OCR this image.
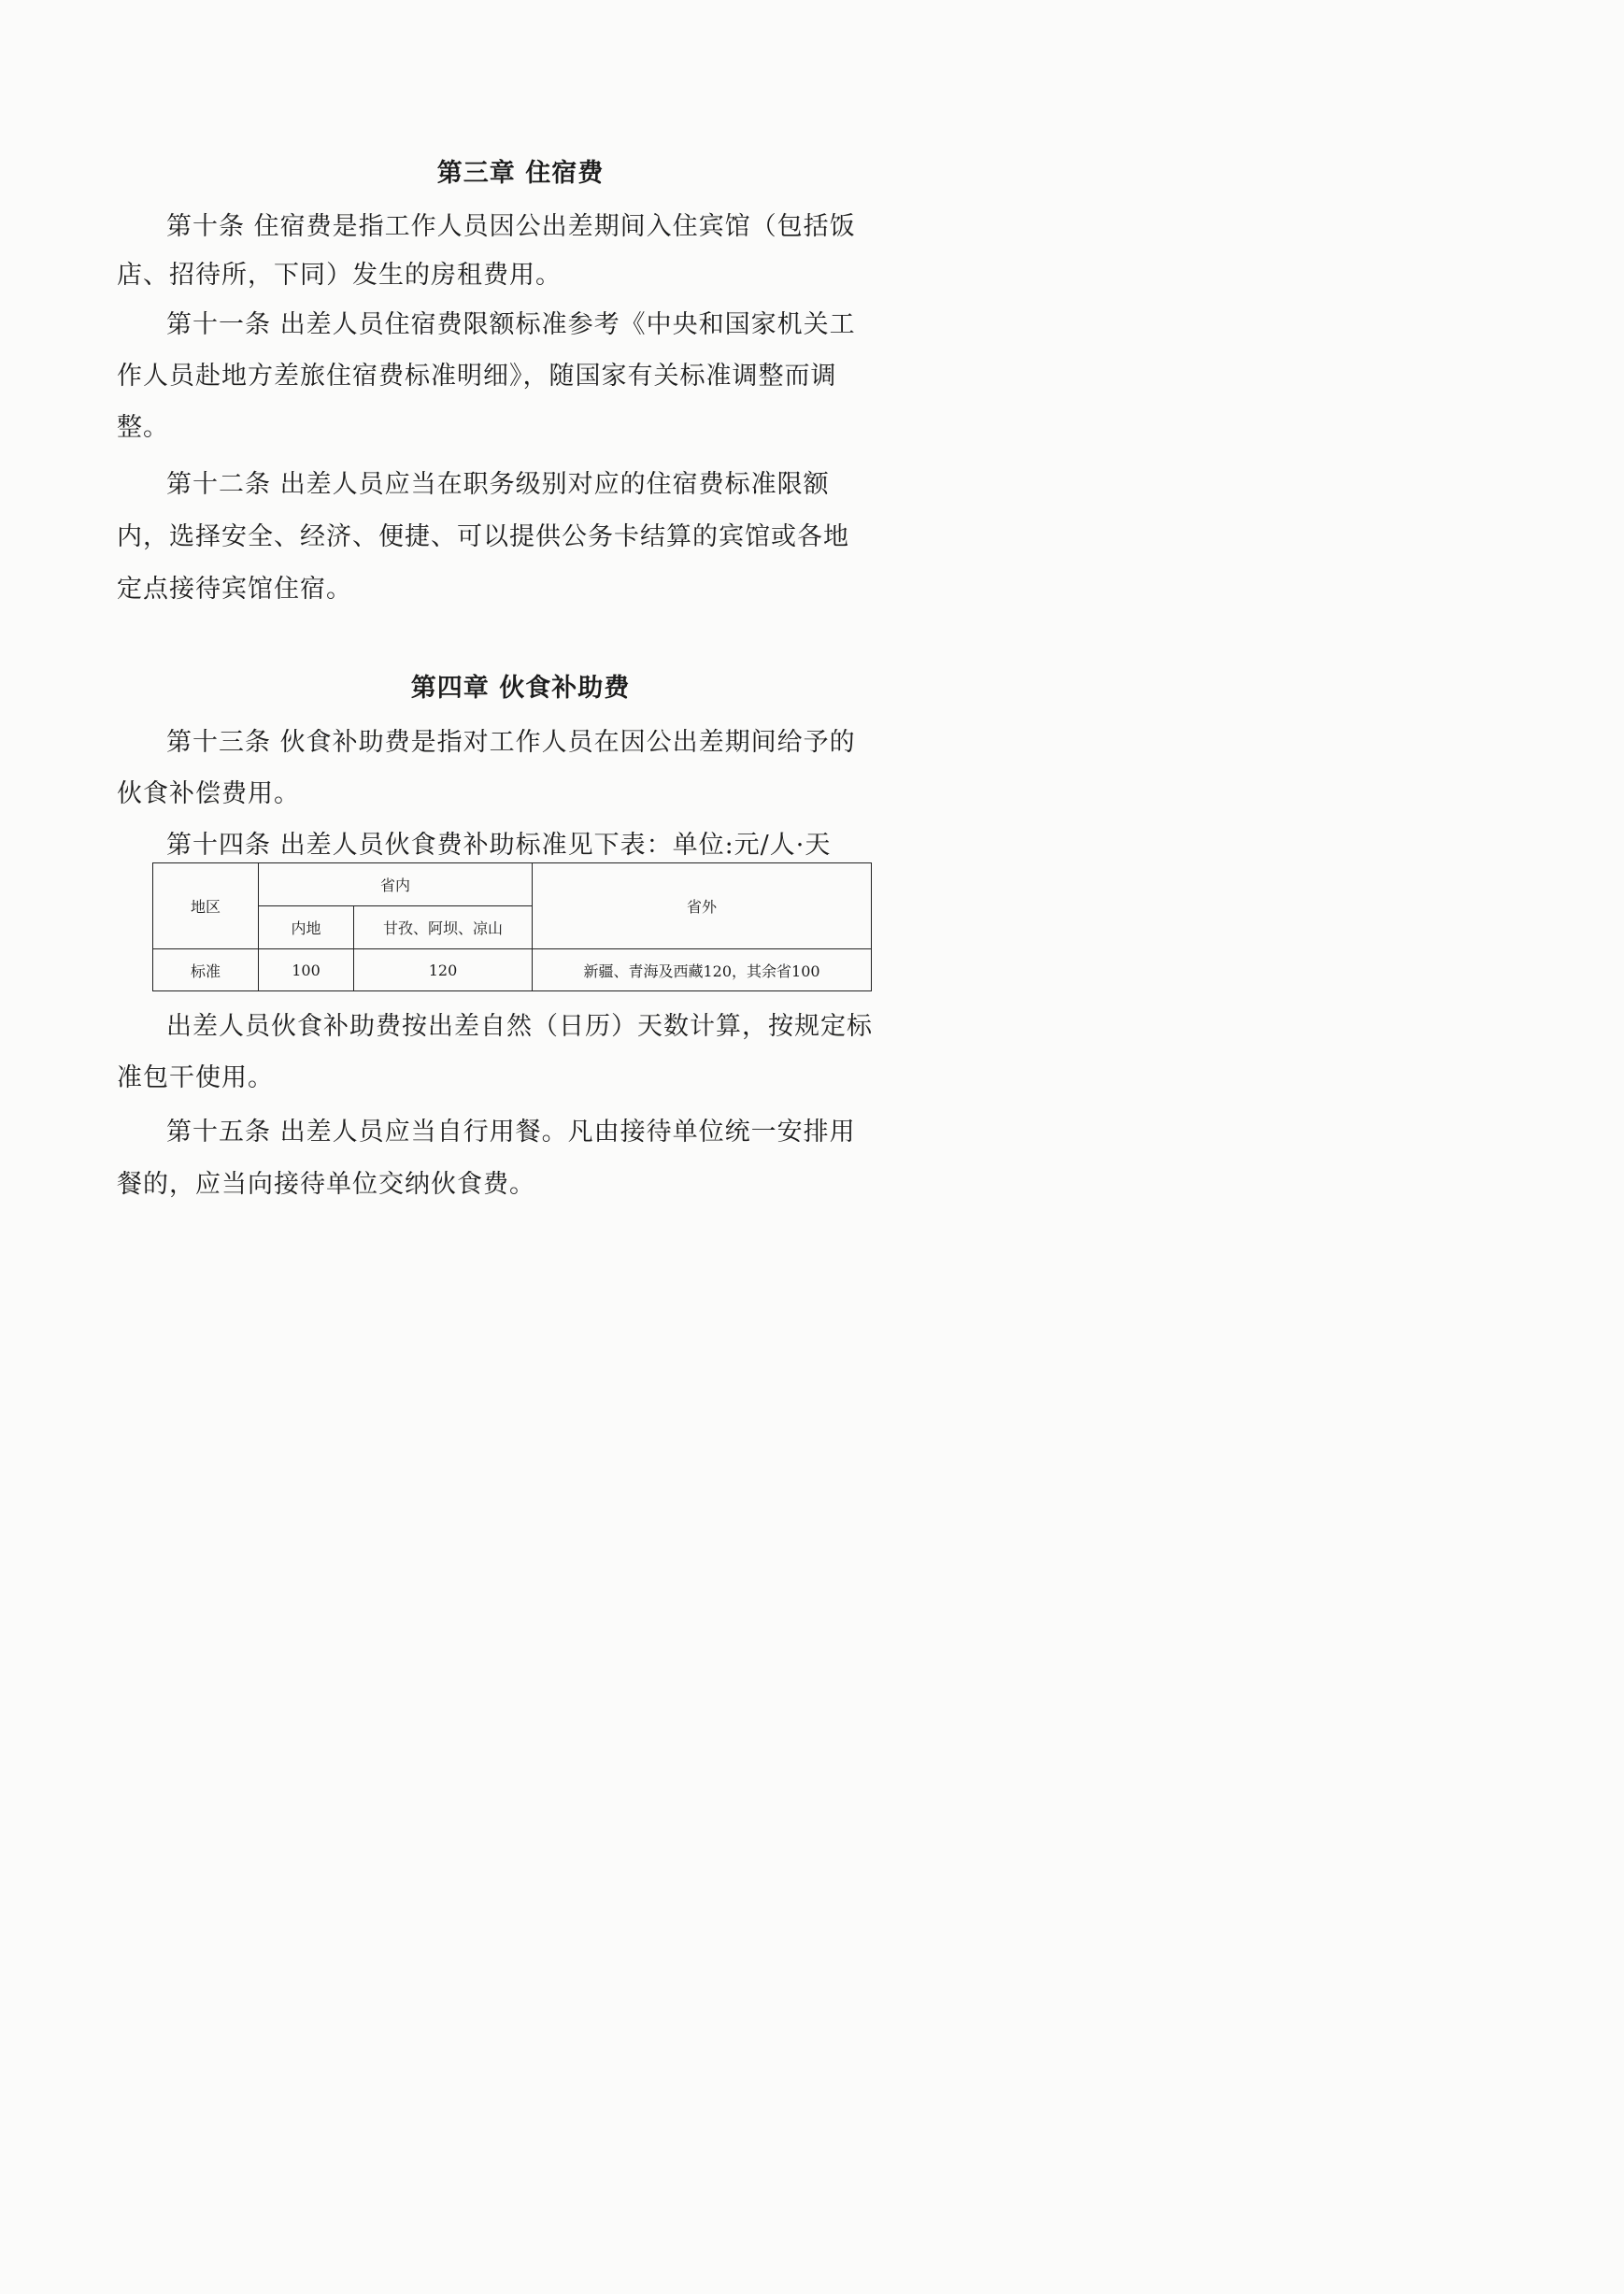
第三章 住宿费
第十条 住宿费是指工作人员因公出差期间入住宾馆（包括饭
店、招待所，下同）发生的房租费用。
第十一条 出差人员住宿费限额标准参考《中央和国家机关工
作人员赴地方差旅住宿费标准明细》，随国家有关标准调整而调
整。
第十二条 出差人员应当在职务级别对应的住宿费标准限额
内，选择安全、经济、便捷、可以提供公务卡结算的宾馆或各地
定点接待宾馆住宿。
第四章 伙食补助费
第十三条 伙食补助费是指对工作人员在因公出差期间给予的
伙食补偿费用。
第十四条 出差人员伙食费补助标准见下表：单位:元/人·天
地区	省内		省外
	内地	甘孜、阿坝、凉山	
标准	100	120	新疆、青海及西藏120，其余省100
出差人员伙食补助费按出差自然（日历）天数计算，按规定标
准包干使用。
第十五条 出差人员应当自行用餐。凡由接待单位统一安排用
餐的，应当向接待单位交纳伙食费。
